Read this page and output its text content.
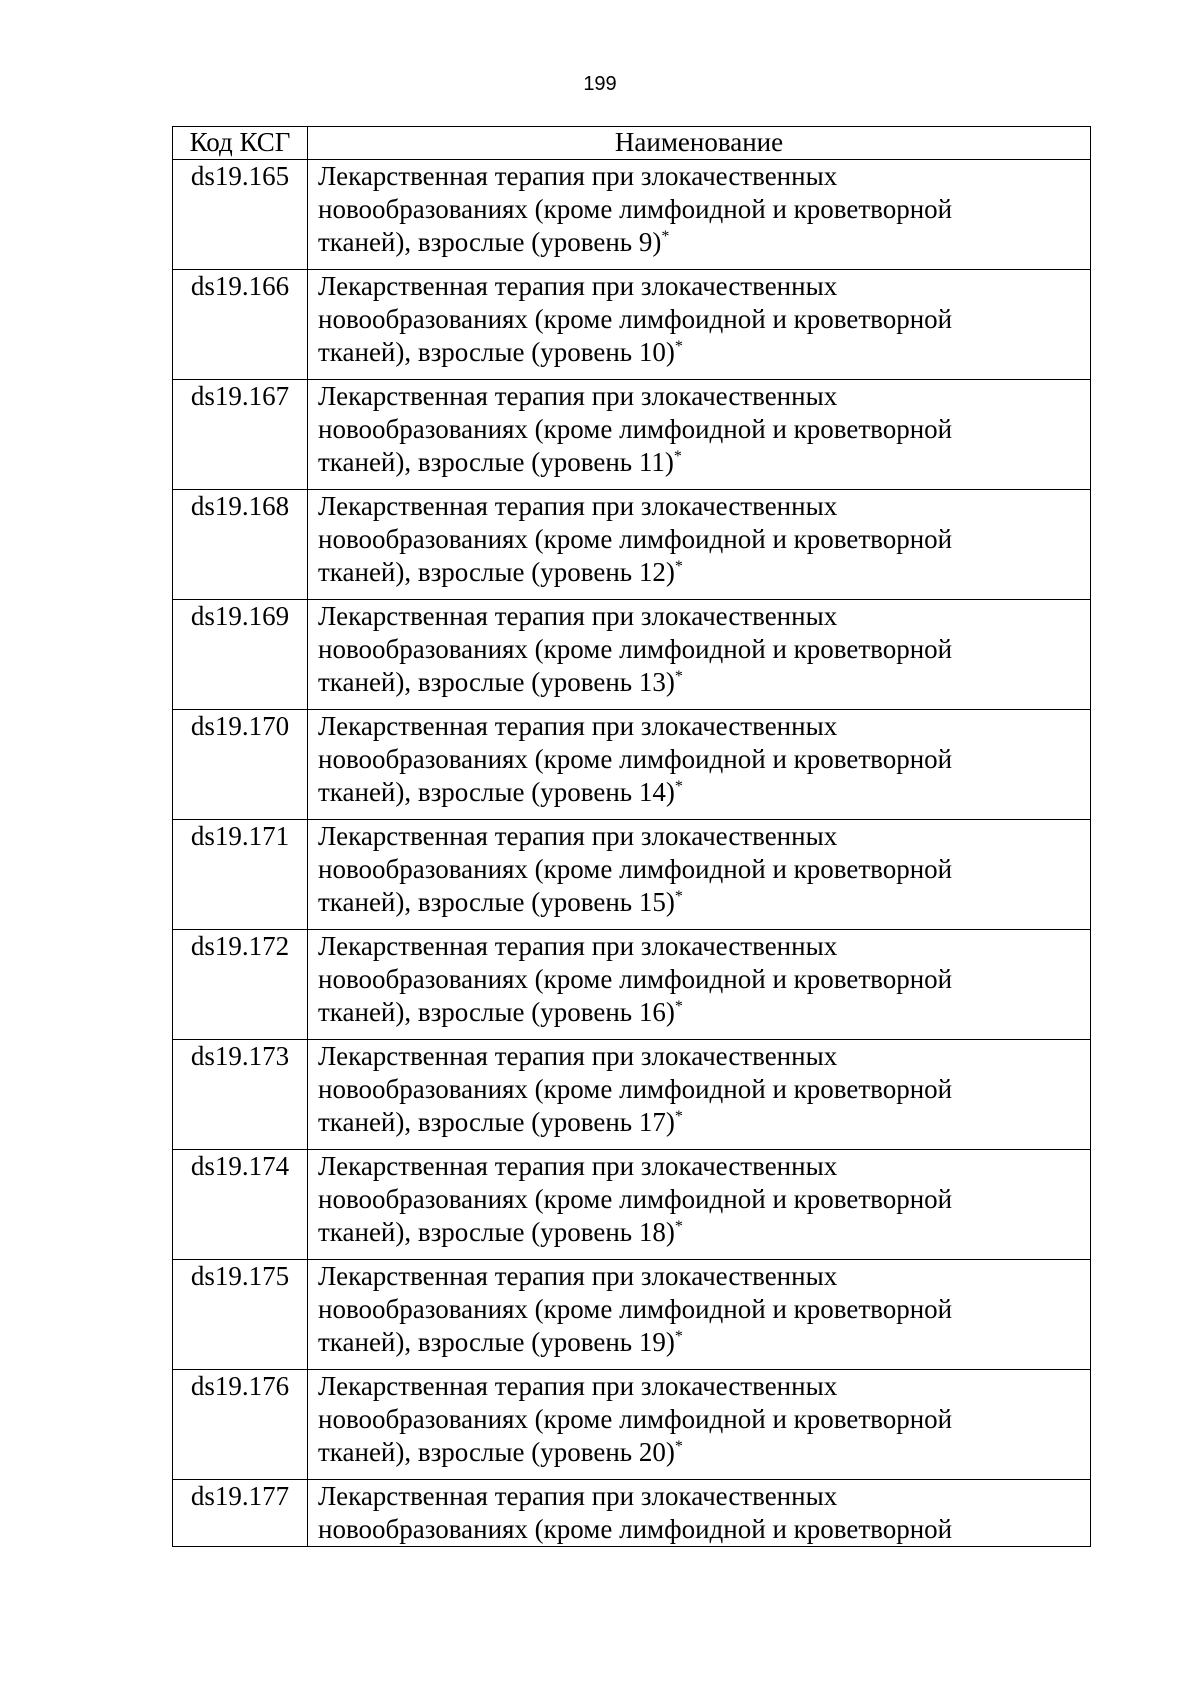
199
Код КСГ	Наименование
ds19.165	Лекарственная терапия при злокачественных
новообразованиях (кроме лимфоидной и кроветворной
тканей), взрослые (уровень 9)*
ds19.166	Лекарственная терапия при злокачественных
новообразованиях (кроме лимфоидной и кроветворной
тканей), взрослые (уровень 10)*
ds19.167	Лекарственная терапия при злокачественных
новообразованиях (кроме лимфоидной и кроветворной
тканей), взрослые (уровень 11)*
ds19.168	Лекарственная терапия при злокачественных
новообразованиях (кроме лимфоидной и кроветворной
тканей), взрослые (уровень 12)*
ds19.169	Лекарственная терапия при злокачественных
новообразованиях (кроме лимфоидной и кроветворной
тканей), взрослые (уровень 13)*
ds19.170	Лекарственная терапия при злокачественных
новообразованиях (кроме лимфоидной и кроветворной
тканей), взрослые (уровень 14)*
ds19.171	Лекарственная терапия при злокачественных
новообразованиях (кроме лимфоидной и кроветворной
тканей), взрослые (уровень 15)*
ds19.172	Лекарственная терапия при злокачественных
новообразованиях (кроме лимфоидной и кроветворной
тканей), взрослые (уровень 16)*
ds19.173	Лекарственная терапия при злокачественных
новообразованиях (кроме лимфоидной и кроветворной
тканей), взрослые (уровень 17)*
ds19.174	Лекарственная терапия при злокачественных
новообразованиях (кроме лимфоидной и кроветворной
тканей), взрослые (уровень 18)*
ds19.175	Лекарственная терапия при злокачественных
новообразованиях (кроме лимфоидной и кроветворной
тканей), взрослые (уровень 19)*
ds19.176	Лекарственная терапия при злокачественных
новообразованиях (кроме лимфоидной и кроветворной
тканей), взрослые (уровень 20)*
ds19.177	Лекарственная терапия при злокачественных
новообразованиях (кроме лимфоидной и кроветворной
